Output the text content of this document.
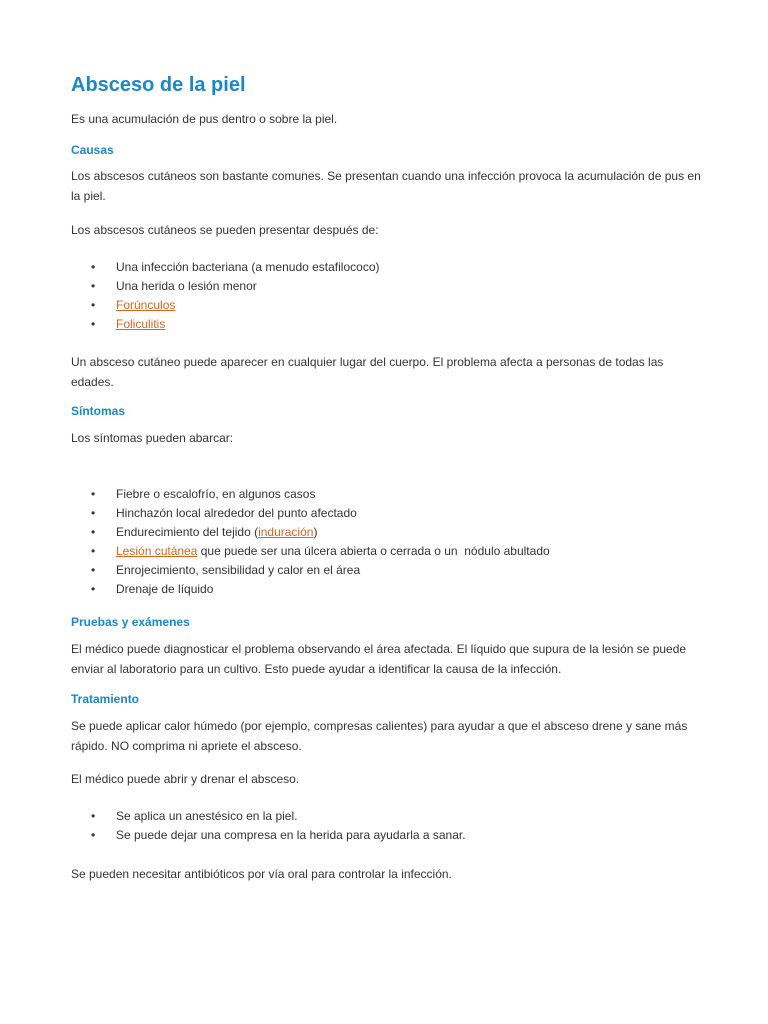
Absceso de la piel

Es una acumulación de pus dentro o sobre la piel.

Causas

Los abscesos cutáneos son bastante comunes. Se presentan cuando una infección provoca la acumulación de pus en la piel.

Los abscesos cutáneos se pueden presentar después de:

• Una infección bacteriana (a menudo estafilococo)
• Una herida o lesión menor
• Forúnculos
• Foliculitis

Un absceso cutáneo puede aparecer en cualquier lugar del cuerpo. El problema afecta a personas de todas las edades.

Síntomas

Los síntomas pueden abarcar:

• Fiebre o escalofrío, en algunos casos
• Hinchazón local alrededor del punto afectado
• Endurecimiento del tejido (induración)
• Lesión cutánea que puede ser una úlcera abierta o cerrada o un  nódulo abultado
• Enrojecimiento, sensibilidad y calor en el área
• Drenaje de líquido
Pruebas y exámenes

El médico puede diagnosticar el problema observando el área afectada. El líquido que supura de la lesión se puede enviar al laboratorio para un cultivo. Esto puede ayudar a identificar la causa de la infección.

Tratamiento

Se puede aplicar calor húmedo (por ejemplo, compresas calientes) para ayudar a que el absceso drene y sane más rápido. NO comprima ni apriete el absceso.

El médico puede abrir y drenar el absceso.

• Se aplica un anestésico en la piel.
• Se puede dejar una compresa en la herida para ayudarla a sanar.

Se pueden necesitar antibióticos por vía oral para controlar la infección.
